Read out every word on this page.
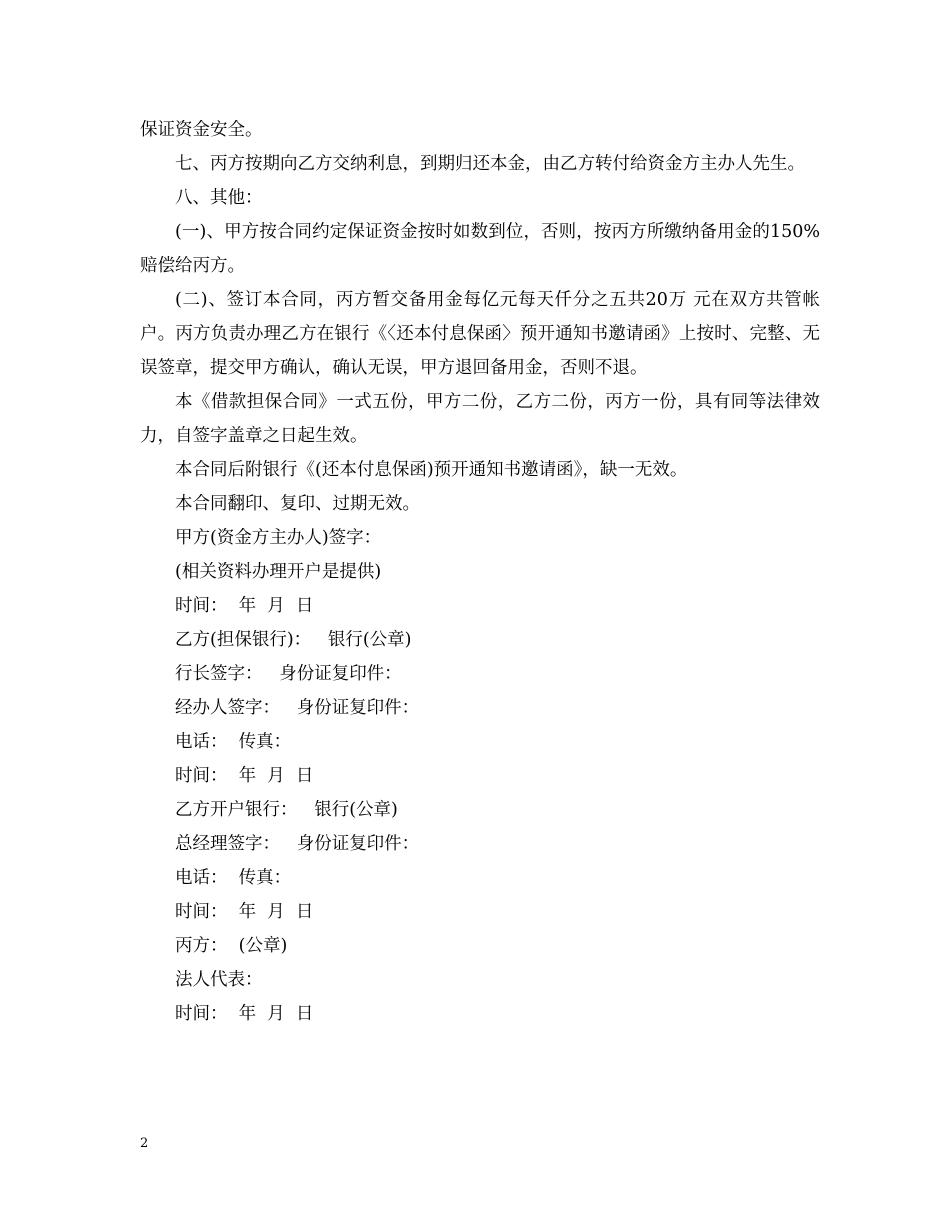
保证资金安全。

七、丙方按期向乙方交纳利息，到期归还本金，由乙方转付给资金方主办人先生。

八、其他：

(一)、甲方按合同约定保证资金按时如数到位，否则，按丙方所缴纳备用金的150%赔偿给丙方。

(二)、签订本合同，丙方暂交备用金每亿元每天仟分之五共20万 元在双方共管帐户。丙方负责办理乙方在银行《〈还本付息保函〉预开通知书邀请函》上按时、完整、无误签章，提交甲方确认，确认无误，甲方退回备用金，否则不退。

本《借款担保合同》一式五份，甲方二份，乙方二份，丙方一份，具有同等法律效力，自签字盖章之日起生效。

本合同后附银行《(还本付息保函)预开通知书邀请函》，缺一无效。

本合同翻印、复印、过期无效。

甲方(资金方主办人)签字：

(相关资料办理开户是提供)

时间：  年  月  日

乙方(担保银行)：   银行(公章)

行长签字：   身份证复印件：

经办人签字：   身份证复印件：

电话：  传真：

时间：  年  月  日

乙方开户银行：   银行(公章)

总经理签字：   身份证复印件：

电话：  传真：

时间：  年  月  日

丙方：  (公章)

法人代表：

时间：  年  月  日

2
